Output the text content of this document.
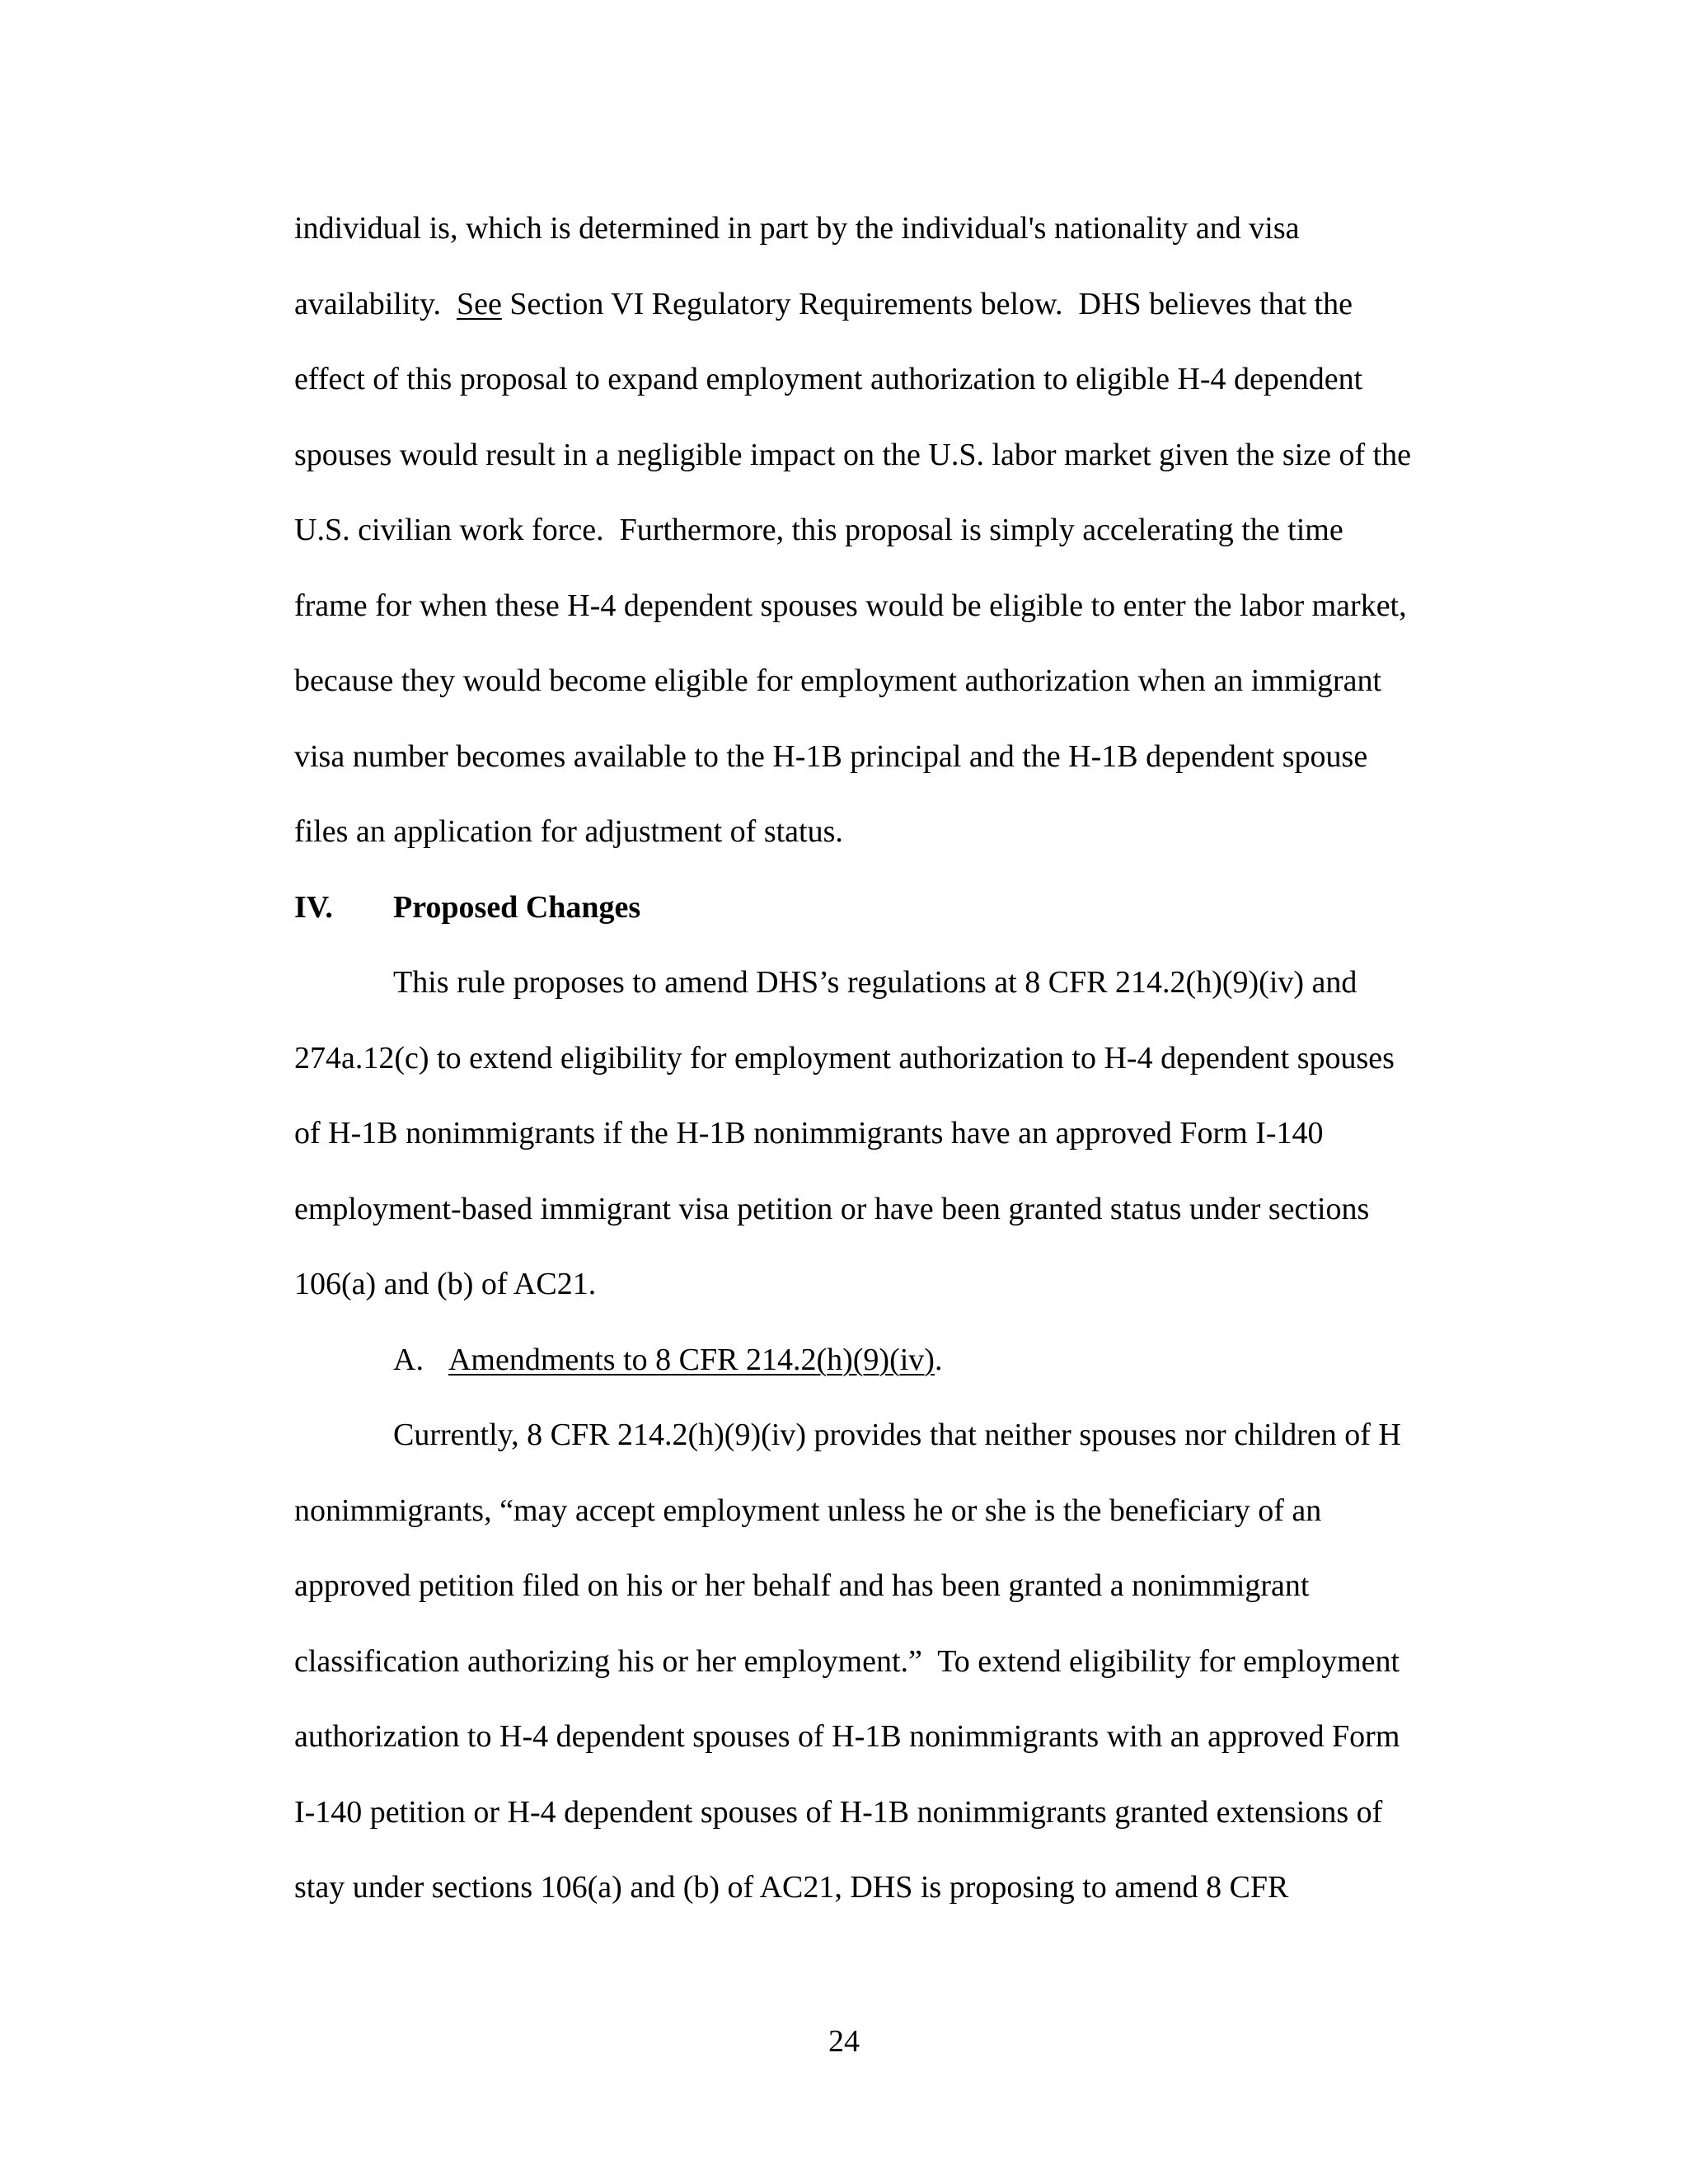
individual is, which is determined in part by the individual's nationality and visa
availability.  See Section VI Regulatory Requirements below.  DHS believes that the
effect of this proposal to expand employment authorization to eligible H-4 dependent
spouses would result in a negligible impact on the U.S. labor market given the size of the
U.S. civilian work force.  Furthermore, this proposal is simply accelerating the time
frame for when these H-4 dependent spouses would be eligible to enter the labor market,
because they would become eligible for employment authorization when an immigrant
visa number becomes available to the H-1B principal and the H-1B dependent spouse
files an application for adjustment of status.
IV. Proposed Changes
This rule proposes to amend DHS’s regulations at 8 CFR 214.2(h)(9)(iv) and
274a.12(c) to extend eligibility for employment authorization to H-4 dependent spouses
of H-1B nonimmigrants if the H-1B nonimmigrants have an approved Form I-140
employment-based immigrant visa petition or have been granted status under sections
106(a) and (b) of AC21.
A. Amendments to 8 CFR 214.2(h)(9)(iv).
Currently, 8 CFR 214.2(h)(9)(iv) provides that neither spouses nor children of H
nonimmigrants, “may accept employment unless he or she is the beneficiary of an
approved petition filed on his or her behalf and has been granted a nonimmigrant
classification authorizing his or her employment.”  To extend eligibility for employment
authorization to H-4 dependent spouses of H-1B nonimmigrants with an approved Form
I-140 petition or H-4 dependent spouses of H-1B nonimmigrants granted extensions of
stay under sections 106(a) and (b) of AC21, DHS is proposing to amend 8 CFR
24
